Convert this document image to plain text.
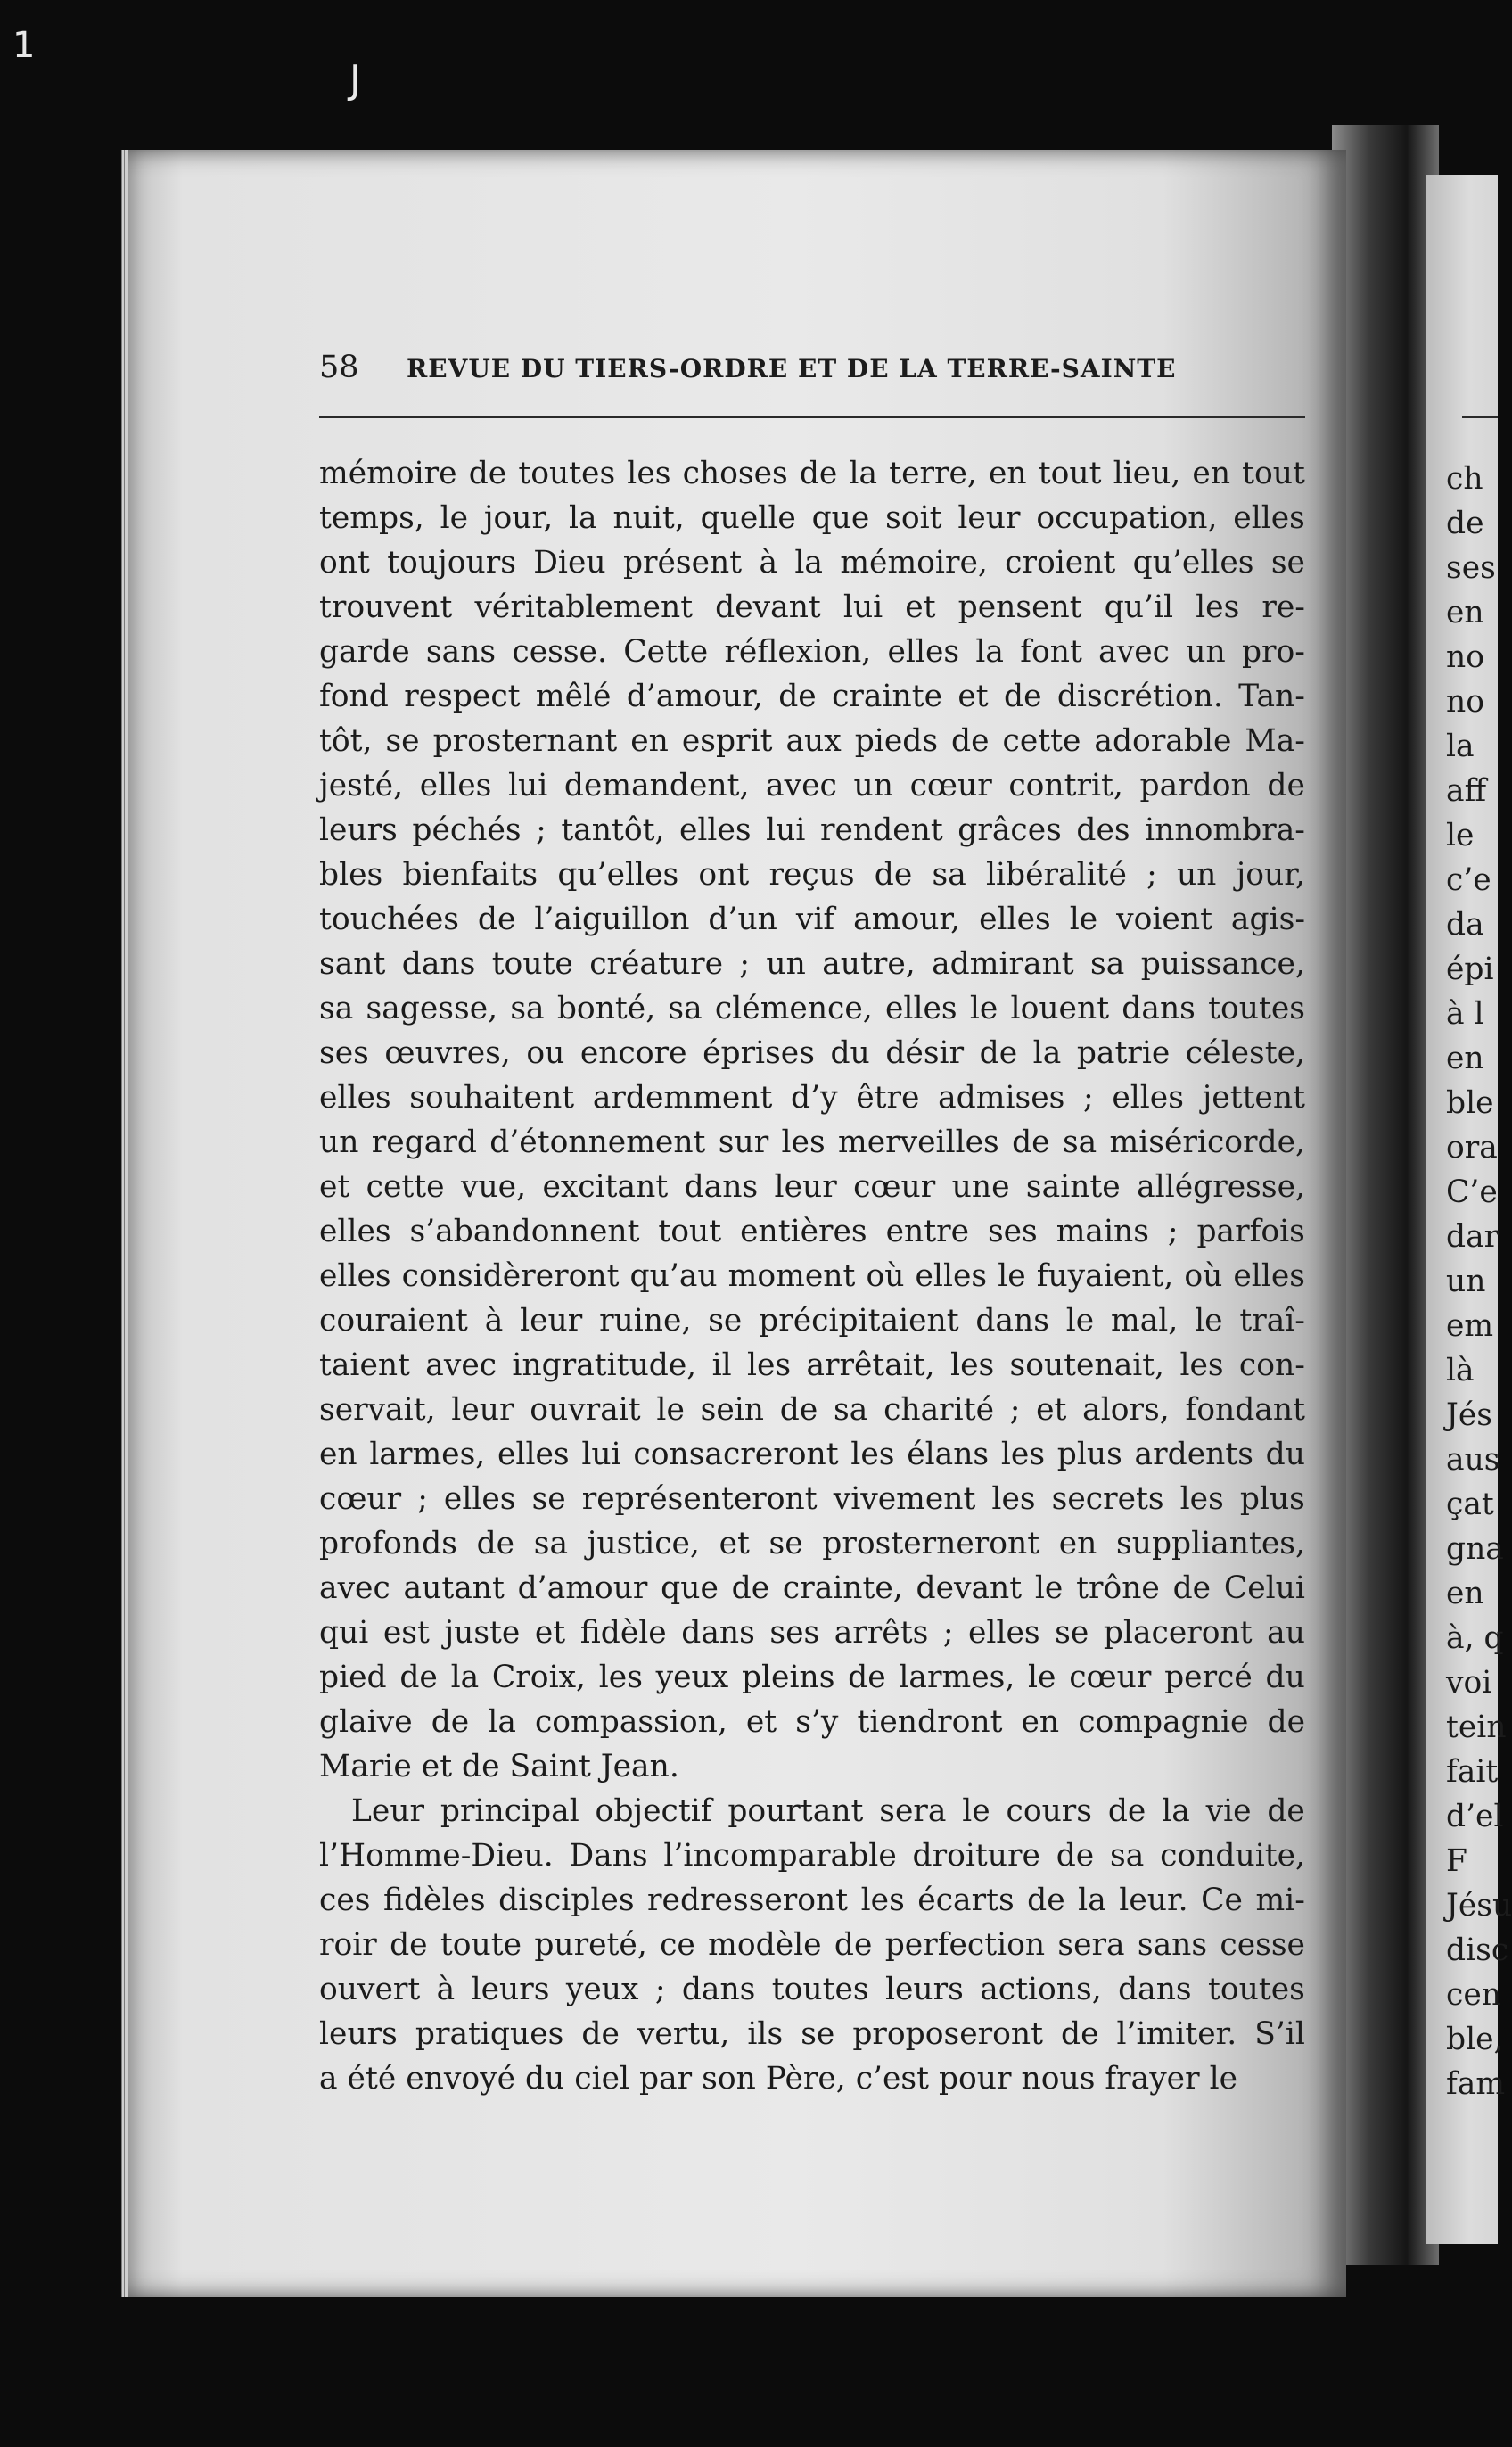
1
J
ch
de
ses
en
no
no
la
aff
le
c’e
da
épi
à l
en
ble
ora
C’e
dar
un
em
là
Jés
aus
çat
gna
en
à, q
voi
tein
fait
d’el
F
Jésu
disc
cen
ble,
fam
58	REVUE DU TIERS-ORDRE ET DE LA TERRE-SAINTE
mémoire de toutes les choses de la terre, en tout lieu, en tout
temps, le jour, la nuit, quelle que soit leur occupation, elles
ont toujours Dieu présent à la mémoire, croient qu’elles se
trouvent véritablement devant lui et pensent qu’il les re-
garde sans cesse. Cette réflexion, elles la font avec un pro-
fond respect mêlé d’amour, de crainte et de discrétion. Tan-
tôt, se prosternant en esprit aux pieds de cette adorable Ma-
jesté, elles lui demandent, avec un cœur contrit, pardon de
leurs péchés ; tantôt, elles lui rendent grâces des innombra-
bles bienfaits qu’elles ont reçus de sa libéralité ; un jour,
touchées de l’aiguillon d’un vif amour, elles le voient agis-
sant dans toute créature ; un autre, admirant sa puissance,
sa sagesse, sa bonté, sa clémence, elles le louent dans toutes
ses œuvres, ou encore éprises du désir de la patrie céleste,
elles souhaitent ardemment d’y être admises ; elles jettent
un regard d’étonnement sur les merveilles de sa miséricorde,
et cette vue, excitant dans leur cœur une sainte allégresse,
elles s’abandonnent tout entières entre ses mains ; parfois
elles considèreront qu’au moment où elles le fuyaient, où elles
couraient à leur ruine, se précipitaient dans le mal, le traî-
taient avec ingratitude, il les arrêtait, les soutenait, les con-
servait, leur ouvrait le sein de sa charité ; et alors, fondant
en larmes, elles lui consacreront les élans les plus ardents du
cœur ; elles se représenteront vivement les secrets les plus
profonds de sa justice, et se prosterneront en suppliantes,
avec autant d’amour que de crainte, devant le trône de Celui
qui est juste et fidèle dans ses arrêts ; elles se placeront au
pied de la Croix, les yeux pleins de larmes, le cœur percé du
glaive de la compassion, et s’y tiendront en compagnie de
Marie et de Saint Jean.
Leur principal objectif pourtant sera le cours de la vie de
l’Homme-Dieu. Dans l’incomparable droiture de sa conduite,
ces fidèles disciples redresseront les écarts de la leur. Ce mi-
roir de toute pureté, ce modèle de perfection sera sans cesse
ouvert à leurs yeux ; dans toutes leurs actions, dans toutes
leurs pratiques de vertu, ils se proposeront de l’imiter. S’il
a été envoyé du ciel par son Père, c’est pour nous frayer le
